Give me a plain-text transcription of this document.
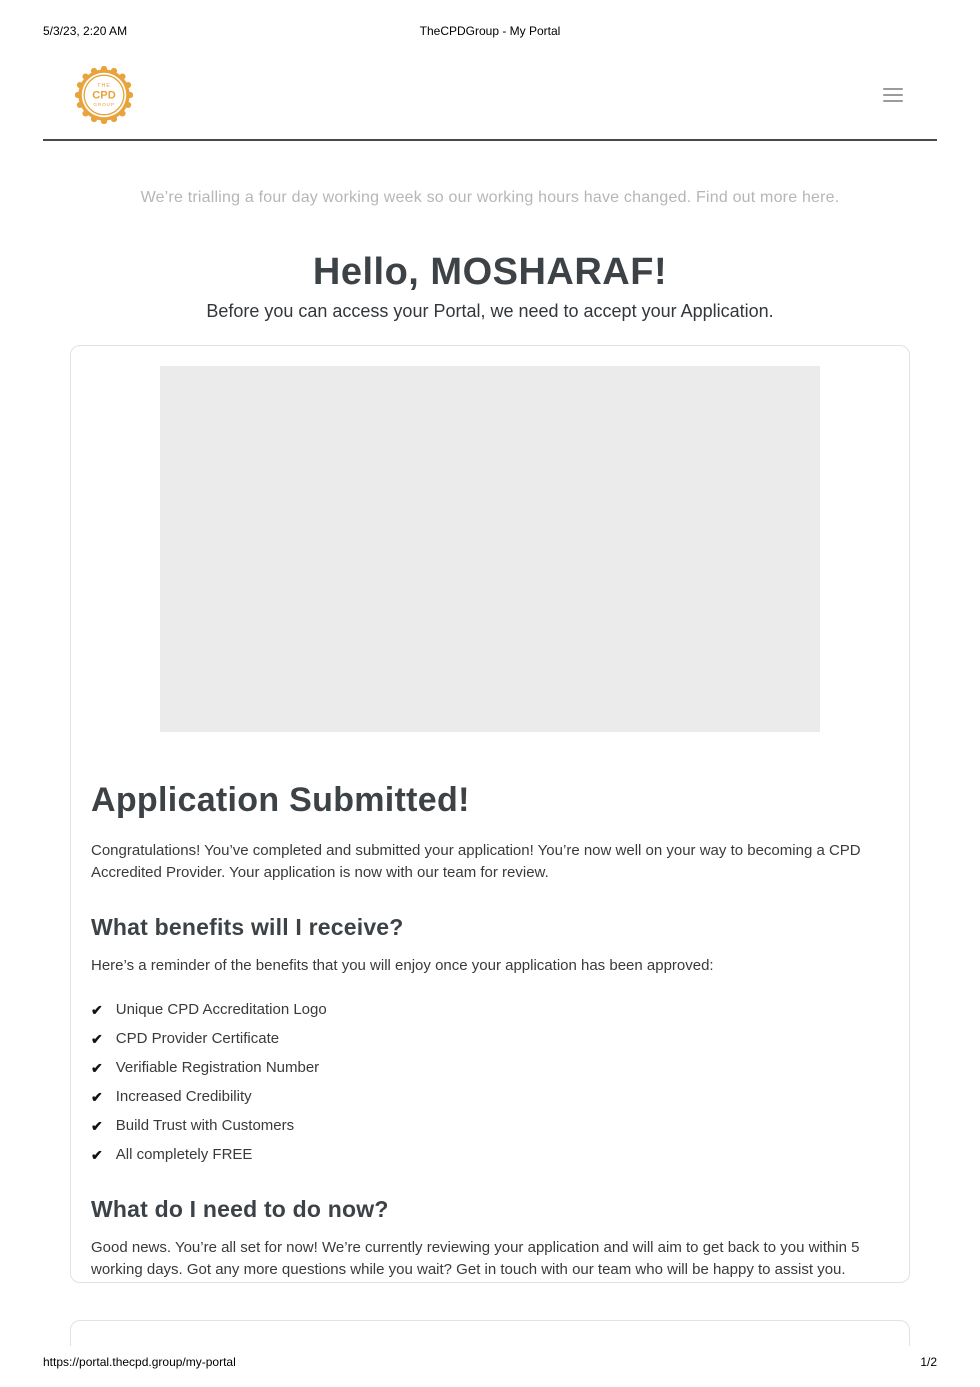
5/3/23, 2:20 AM	TheCPDGroup - My Portal
THE
CPD
GROUP

We’re trialling a four day working week so our working hours have changed. Find out more here.

Hello, MOSHARAF!

Before you can access your Portal, we need to accept your Application.

Application Submitted!

Congratulations! You’ve completed and submitted your application! You’re now well on your way to becoming a CPD Accredited Provider. Your application is now with our team for review.

What benefits will I receive?

Here’s a reminder of the benefits that you will enjoy once your application has been approved:

✔ Unique CPD Accreditation Logo
✔ CPD Provider Certificate
✔ Verifiable Registration Number
✔ Increased Credibility
✔ Build Trust with Customers
✔ All completely FREE
What do I need to do now?

Good news. You’re all set for now! We’re currently reviewing your application and will aim to get back to you within 5 working days. Got any more questions while you wait? Get in touch with our team who will be happy to assist you.

https://portal.thecpd.group/my-portal	1/2
